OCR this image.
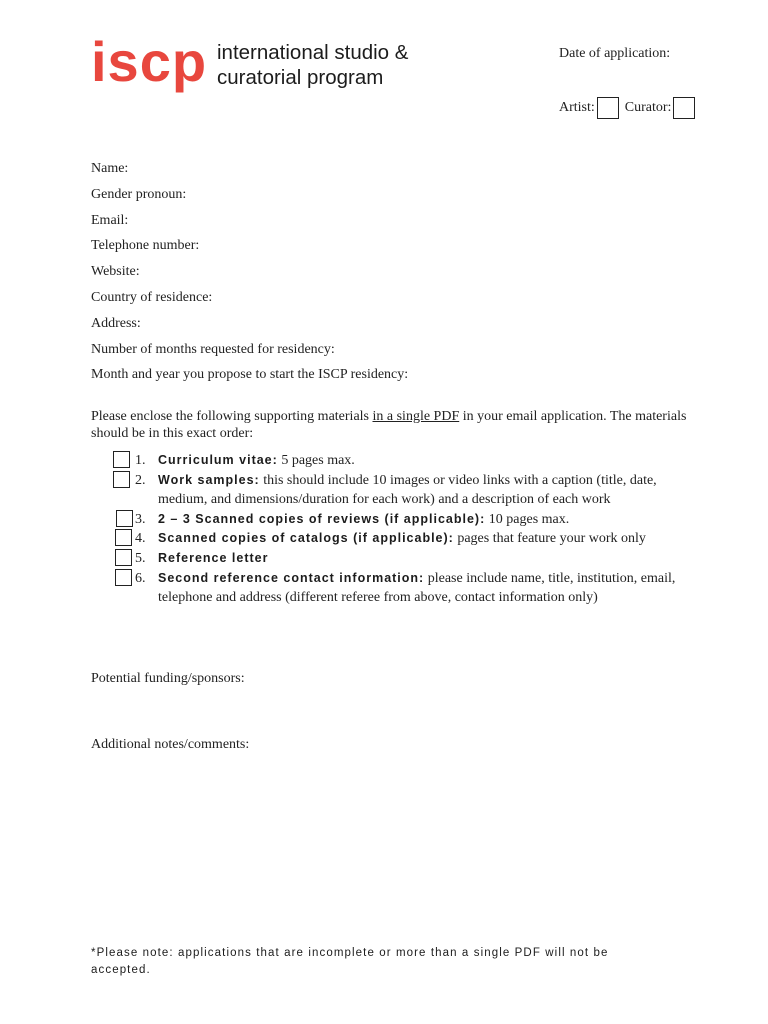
iscp international studio &
curatorial program
Date of application:
Artist: Curator:
Name:
Gender pronoun:
Email:
Telephone number:
Website:
Country of residence:
Address:
Number of months requested for residency:
Month and year you propose to start the ISCP residency:
Please enclose the following supporting materials in a single PDF in your email application. The materials should be in this exact order:
1. Curriculum vitae: 5 pages max.
2. Work samples: this should include 10 images or video links with a caption (title, date, medium, and dimensions/duration for each work) and a description of each work
3. 2 – 3 Scanned copies of reviews (if applicable): 10 pages max.
4. Scanned copies of catalogs (if applicable): pages that feature your work only
5. Reference letter
6. Second reference contact information: please include name, title, institution, email, telephone and address (different referee from above, contact information only)
Potential funding/sponsors:
Additional notes/comments:
*Please note: applications that are incomplete or more than a single PDF will not be accepted.
